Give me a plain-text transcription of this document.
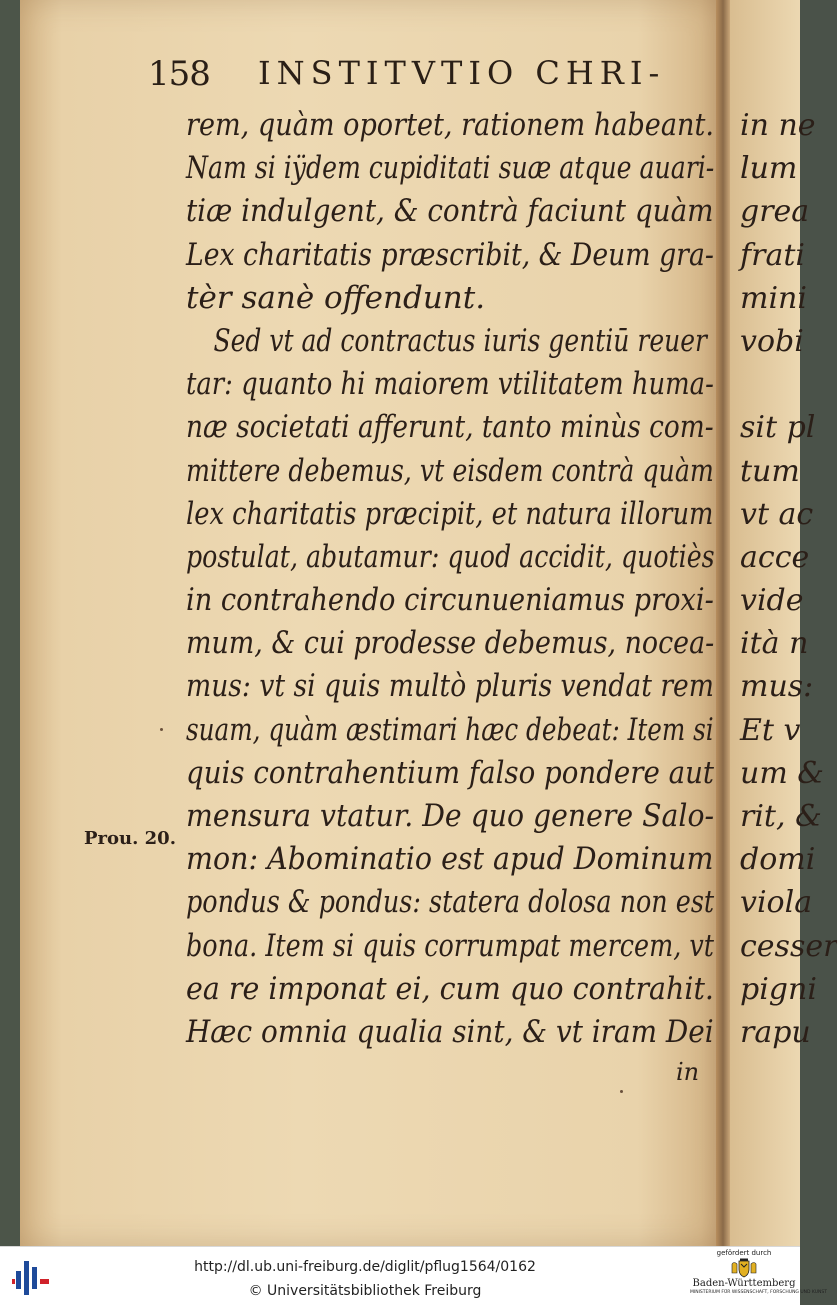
158 INSTITVTIO CHRI-
rem, quàm oportet, rationem habeant.
Nam si iÿdem cupiditati suæ atque auari-
tiæ indulgent, & contrà faciunt quàm
Lex charitatis præscribit, & Deum gra-
tèr sanè offendunt.
Sed vt ad contractus iuris gentiū reuer
tar: quanto hi maiorem vtilitatem huma-
næ societati afferunt, tanto minùs com-
mittere debemus, vt eisdem contrà quàm
lex charitatis præcipit, et natura illorum
postulat, abutamur: quod accidit, quotiès
in contrahendo circunueniamus proxi-
mum, & cui prodesse debemus, nocea-
mus: vt si quis multò pluris vendat rem
suam, quàm æstimari hæc debeat: Item si
quis contrahentium falso pondere aut
mensura vtatur. De quo genere Salo-
mon: Abominatio est apud Dominum
pondus & pondus: statera dolosa non est
bona. Item si quis corrumpat mercem, vt
ea re imponat ei, cum quo contrahit.
Hæc omnia qualia sint, & vt iram Dei
Prou. 20.
in
in ne
lum
grea
frati
mini
vobi
sit pl
tum
vt ac
acce
vide
ità n
mus:
Et v
um &
rit, &
domi
viola
cesser
pigni
rapu
http://dl.ub.uni-freiburg.de/diglit/pflug1564/0162
© Universitätsbibliothek Freiburg
gefördert durch
Baden-Württemberg
MINISTERIUM FÜR WISSENSCHAFT, FORSCHUNG UND KUNST
